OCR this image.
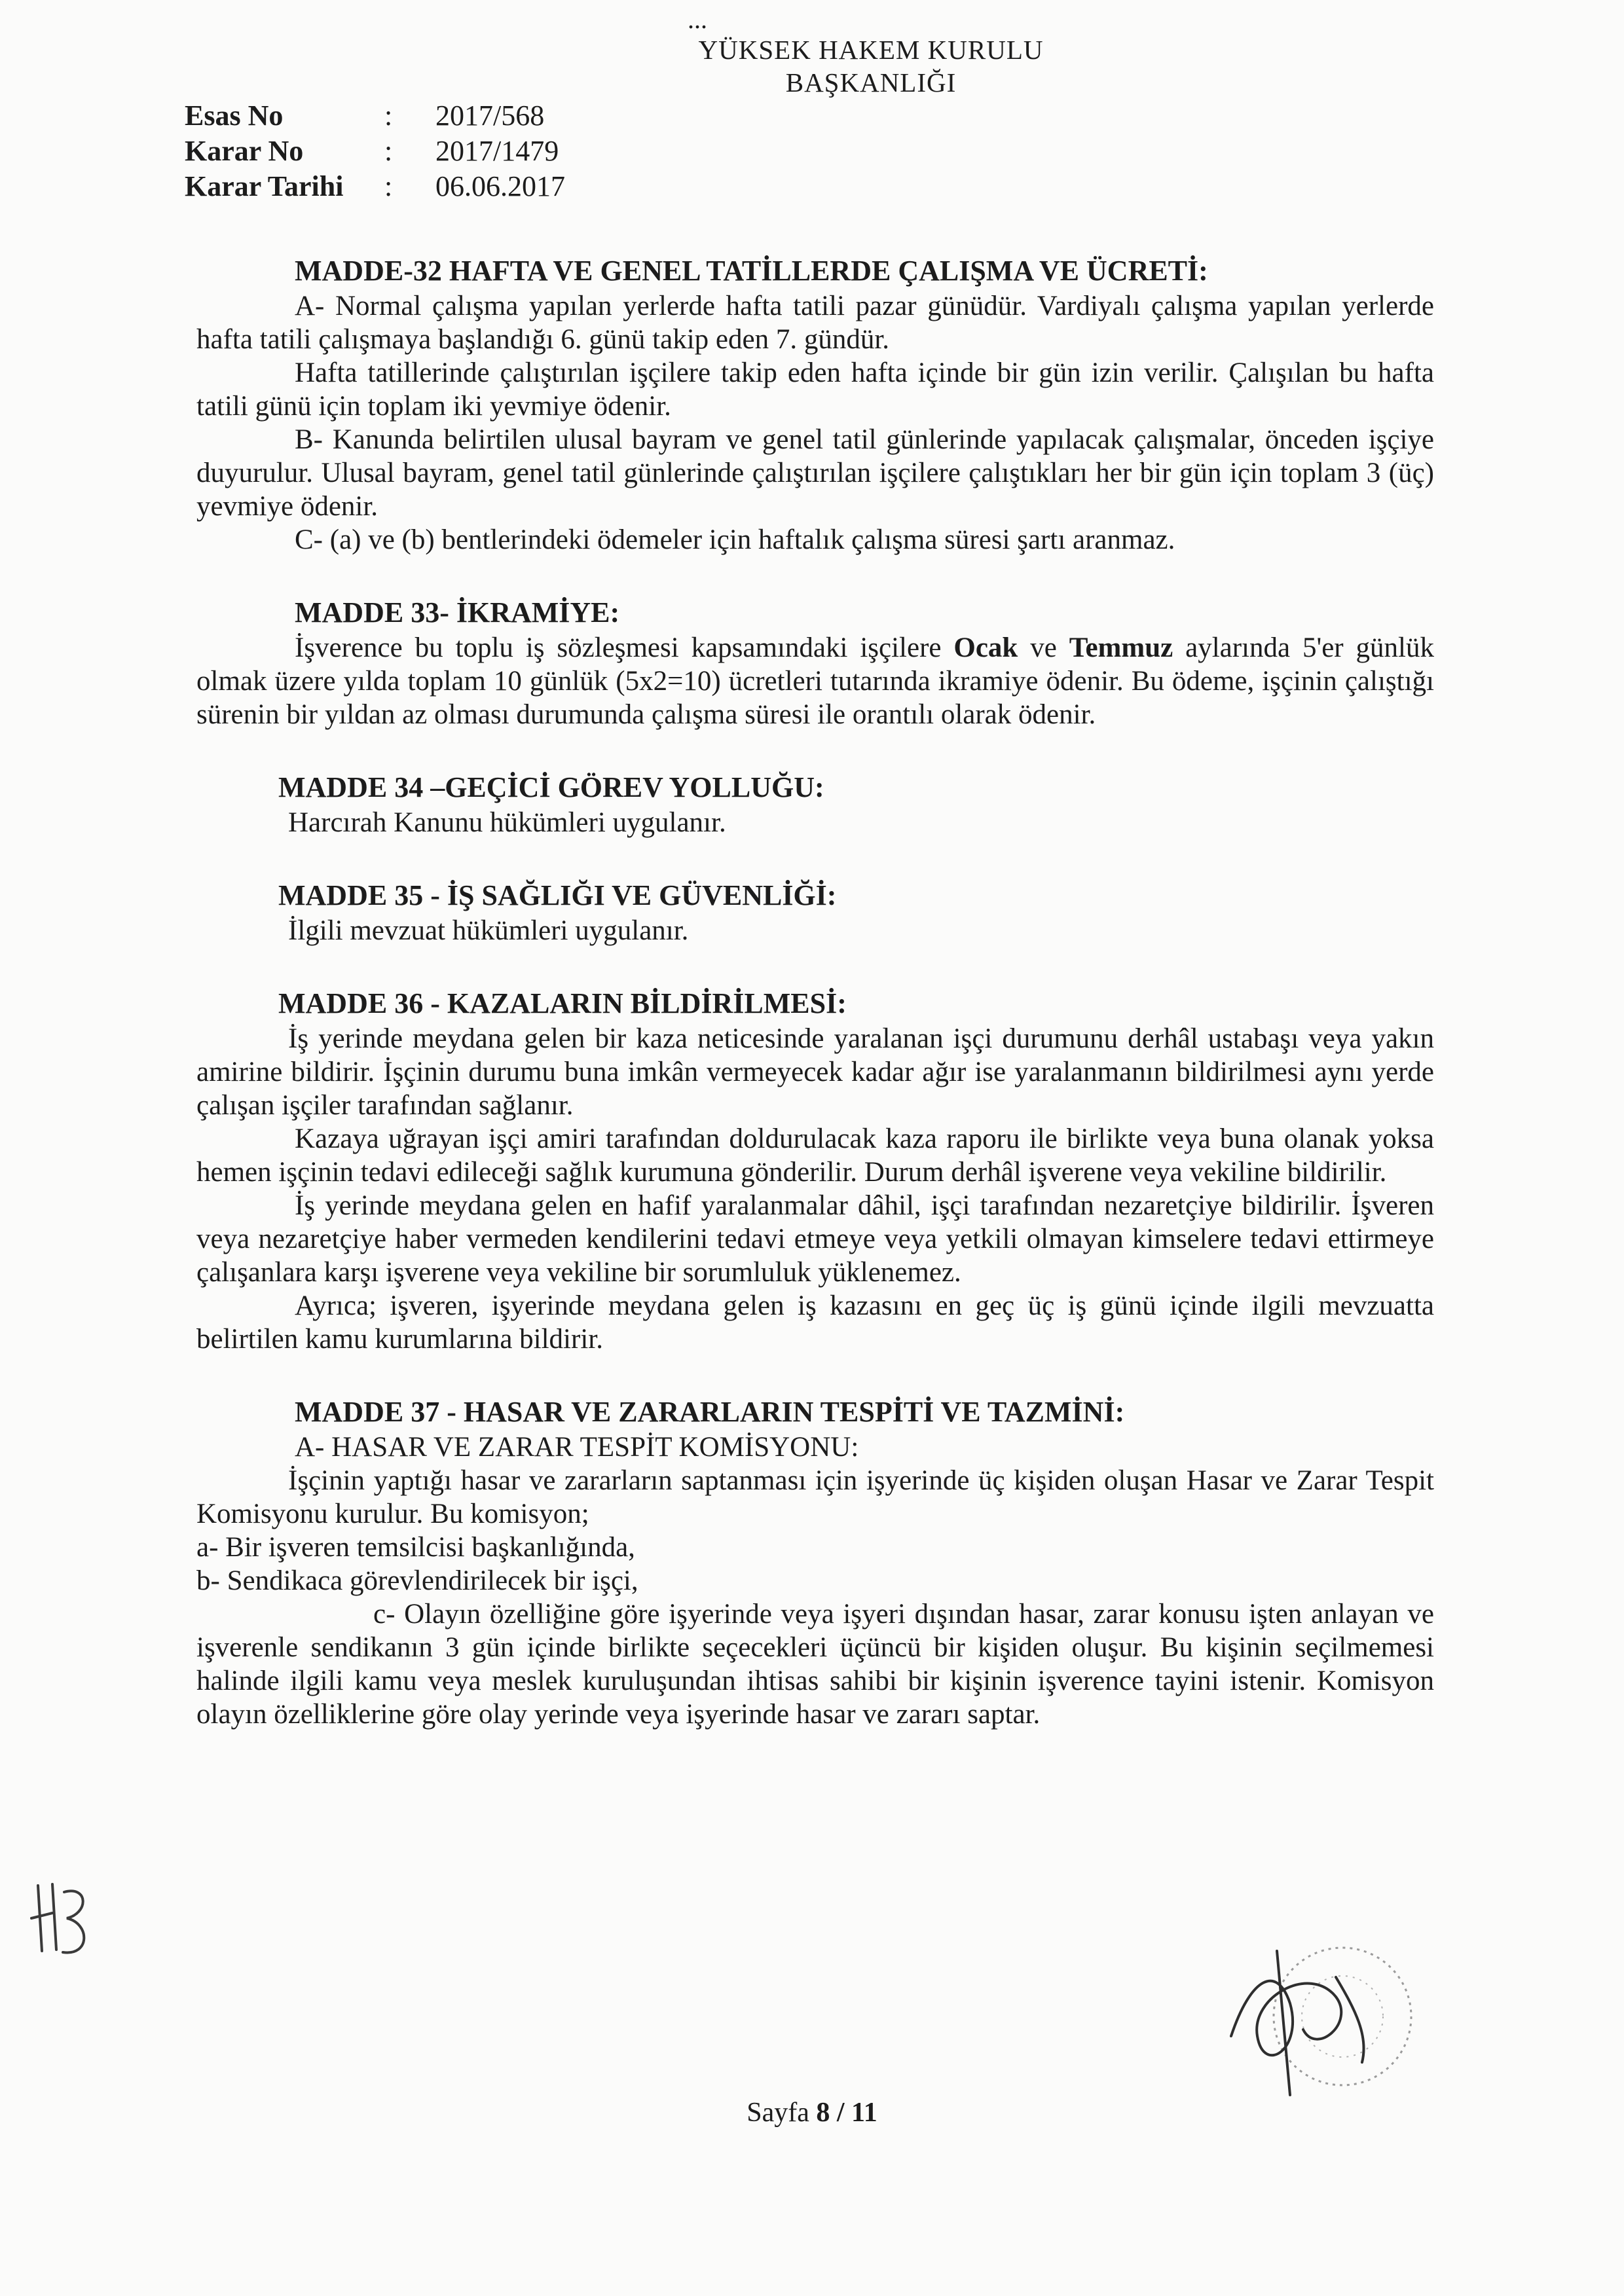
YÜKSEK HAKEM KURULU
BAŞKANLIĞI
...
Esas No	:	2017/568
Karar No	:	2017/1479
Karar Tarihi	:	06.06.2017
MADDE-32 HAFTA VE GENEL TATİLLERDE ÇALIŞMA VE ÜCRETİ:

A- Normal çalışma yapılan yerlerde hafta tatili pazar günüdür. Vardiyalı çalışma yapılan yerlerde hafta tatili çalışmaya başlandığı 6. günü takip eden 7. gündür.

Hafta tatillerinde çalıştırılan işçilere takip eden hafta içinde bir gün izin verilir. Çalışılan bu hafta tatili günü için toplam iki yevmiye ödenir.

B- Kanunda belirtilen ulusal bayram ve genel tatil günlerinde yapılacak çalışmalar, önceden işçiye duyurulur. Ulusal bayram, genel tatil günlerinde çalıştırılan işçilere çalıştıkları her bir gün için toplam 3 (üç) yevmiye ödenir.

C- (a) ve (b) bentlerindeki ödemeler için haftalık çalışma süresi şartı aranmaz.

MADDE 33- İKRAMİYE:

İşverence bu toplu iş sözleşmesi kapsamındaki işçilere Ocak ve Temmuz aylarında 5'er günlük olmak üzere yılda toplam 10 günlük (5x2=10) ücretleri tutarında ikramiye ödenir. Bu ödeme, işçinin çalıştığı sürenin bir yıldan az olması durumunda çalışma süresi ile orantılı olarak ödenir.

MADDE 34 –GEÇİCİ GÖREV YOLLUĞU:

Harcırah Kanunu hükümleri uygulanır.

MADDE 35 - İŞ SAĞLIĞI VE GÜVENLİĞİ:

İlgili mevzuat hükümleri uygulanır.

MADDE 36 - KAZALARIN BİLDİRİLMESİ:

İş yerinde meydana gelen bir kaza neticesinde yaralanan işçi durumunu derhâl ustabaşı veya yakın amirine bildirir. İşçinin durumu buna imkân vermeyecek kadar ağır ise yaralanmanın bildirilmesi aynı yerde çalışan işçiler tarafından sağlanır.

Kazaya uğrayan işçi amiri tarafından doldurulacak kaza raporu ile birlikte veya buna olanak yoksa hemen işçinin tedavi edileceği sağlık kurumuna gönderilir. Durum derhâl işverene veya vekiline bildirilir.

İş yerinde meydana gelen en hafif yaralanmalar dâhil, işçi tarafından nezaretçiye bildirilir. İşveren veya nezaretçiye haber vermeden kendilerini tedavi etmeye veya yetkili olmayan kimselere tedavi ettirmeye çalışanlara karşı işverene veya vekiline bir sorumluluk yüklenemez.

Ayrıca; işveren, işyerinde meydana gelen iş kazasını en geç üç iş günü içinde ilgili mevzuatta belirtilen kamu kurumlarına bildirir.

MADDE 37 - HASAR VE ZARARLARIN TESPİTİ VE TAZMİNİ:

A- HASAR VE ZARAR TESPİT KOMİSYONU:

İşçinin yaptığı hasar ve zararların saptanması için işyerinde üç kişiden oluşan Hasar ve Zarar Tespit Komisyonu kurulur. Bu komisyon;

a- Bir işveren temsilcisi başkanlığında,

b- Sendikaca görevlendirilecek bir işçi,

c- Olayın özelliğine göre işyerinde veya işyeri dışından hasar, zarar konusu işten anlayan ve işverenle sendikanın 3 gün içinde birlikte seçecekleri üçüncü bir kişiden oluşur. Bu kişinin seçilmemesi halinde ilgili kamu veya meslek kuruluşundan ihtisas sahibi bir kişinin işverence tayini istenir. Komisyon olayın özelliklerine göre olay yerinde veya işyerinde hasar ve zararı saptar.

Sayfa 8 / 11
